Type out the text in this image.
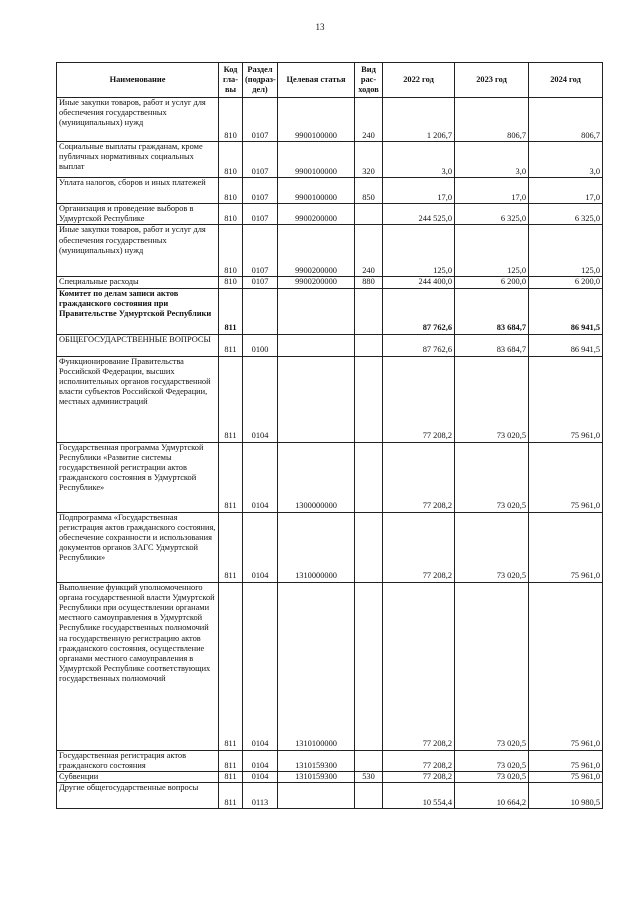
13
Наименование	Код гла- вы	Раздел (подраз- дел)	Целевая статья	Вид рас- ходов	2022 год	2023 год	2024 год
Иные закупки товаров, работ и услуг для обеспечения государственных (муниципальных) нужд	810	0107	9900100000	240	1 206,7	806,7	806,7
Социальные выплаты гражданам, кроме публичных нормативных социальных выплат	810	0107	9900100000	320	3,0	3,0	3,0
Уплата налогов, сборов и иных платежей	810	0107	9900100000	850	17,0	17,0	17,0
Организация и проведение выборов в Удмуртской Республике	810	0107	9900200000		244 525,0	6 325,0	6 325,0
Иные закупки товаров, работ и услуг для обеспечения государственных (муниципальных) нужд	810	0107	9900200000	240	125,0	125,0	125,0
Специальные расходы	810	0107	9900200000	880	244 400,0	6 200,0	6 200,0
Комитет по делам записи актов гражданского состояния при Правительстве Удмуртской Республики	811				87 762,6	83 684,7	86 941,5
ОБЩЕГОСУДАРСТВЕННЫЕ ВОПРОСЫ	811	0100			87 762,6	83 684,7	86 941,5
Функционирование Правительства Российской Федерации, высших исполнительных органов государственной власти субъектов Российской Федерации, местных администраций	811	0104			77 208,2	73 020,5	75 961,0
Государственная программа Удмуртской Республики «Развитие системы государственной регистрации актов гражданского состояния в Удмуртской Республике»	811	0104	1300000000		77 208,2	73 020,5	75 961,0
Подпрограмма «Государственная регистрация актов гражданского состояния, обеспечение сохранности и использования документов органов ЗАГС Удмуртской Республики»	811	0104	1310000000		77 208,2	73 020,5	75 961,0
Выполнение функций уполномоченного органа государственной власти Удмуртской Республики при осуществлении органами местного самоуправления в Удмуртской Республике государственных полномочий на государственную регистрацию актов гражданского состояния, осуществление органами местного самоуправления в Удмуртской Республике соответствующих государственных полномочий	811	0104	1310100000		77 208,2	73 020,5	75 961,0
Государственная регистрация актов гражданского состояния	811	0104	1310159300		77 208,2	73 020,5	75 961,0
Субвенции	811	0104	1310159300	530	77 208,2	73 020,5	75 961,0
Другие общегосударственные вопросы	811	0113			10 554,4	10 664,2	10 980,5
